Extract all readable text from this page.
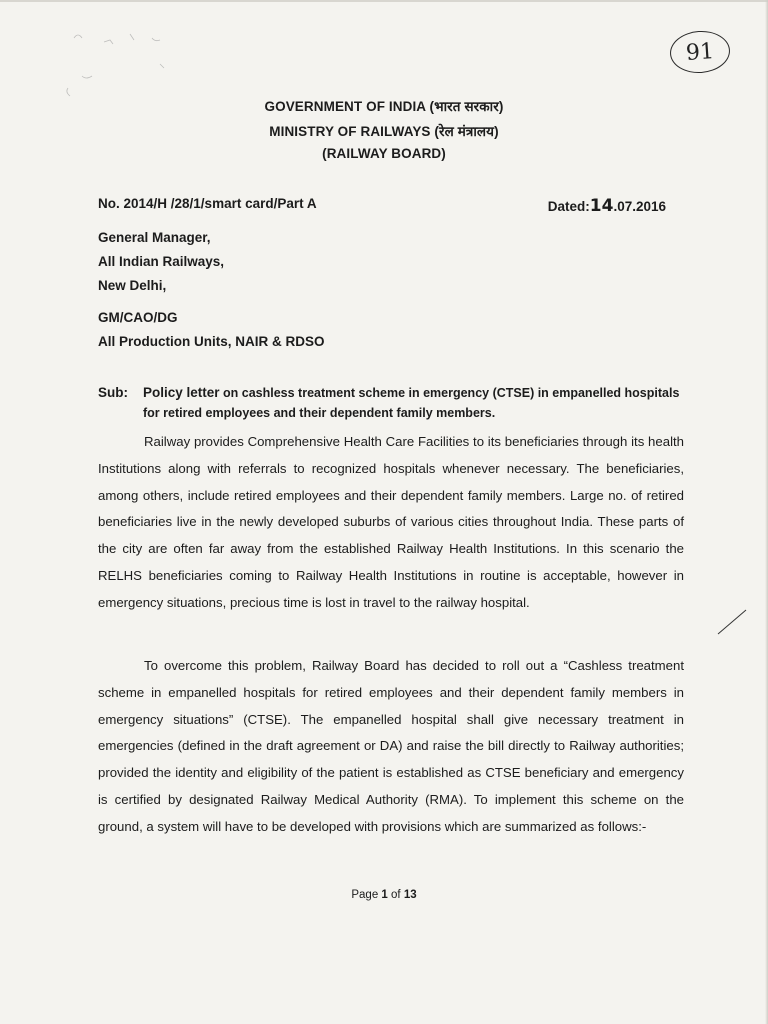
91
GOVERNMENT OF INDIA (भारत सरकार)
MINISTRY OF RAILWAYS (रेल मंत्रालय)
(RAILWAY BOARD)
No. 2014/H /28/1/smart card/Part A	Dated:14.07.2016
General Manager,
All Indian Railways,
New Delhi,
GM/CAO/DG
All Production Units, NAIR & RDSO
Sub: Policy letter on cashless treatment scheme in emergency (CTSE) in empanelled hospitals for retired employees and their dependent family members.
Railway provides Comprehensive Health Care Facilities to its beneficiaries through its health Institutions along with referrals to recognized hospitals whenever necessary. The beneficiaries, among others, include retired employees and their dependent family members. Large no. of retired beneficiaries live in the newly developed suburbs of various cities throughout India. These parts of the city are often far away from the established Railway Health Institutions. In this scenario the RELHS beneficiaries coming to Railway Health Institutions in routine is acceptable, however in emergency situations, precious time is lost in travel to the railway hospital.
To overcome this problem, Railway Board has decided to roll out a “Cashless treatment scheme in empanelled hospitals for retired employees and their dependent family members in emergency situations” (CTSE). The empanelled hospital shall give necessary treatment in emergencies (defined in the draft agreement or DA) and raise the bill directly to Railway authorities; provided the identity and eligibility of the patient is established as CTSE beneficiary and emergency is certified by designated Railway Medical Authority (RMA). To implement this scheme on the ground, a system will have to be developed with provisions which are summarized as follows:-
Page 1 of 13
